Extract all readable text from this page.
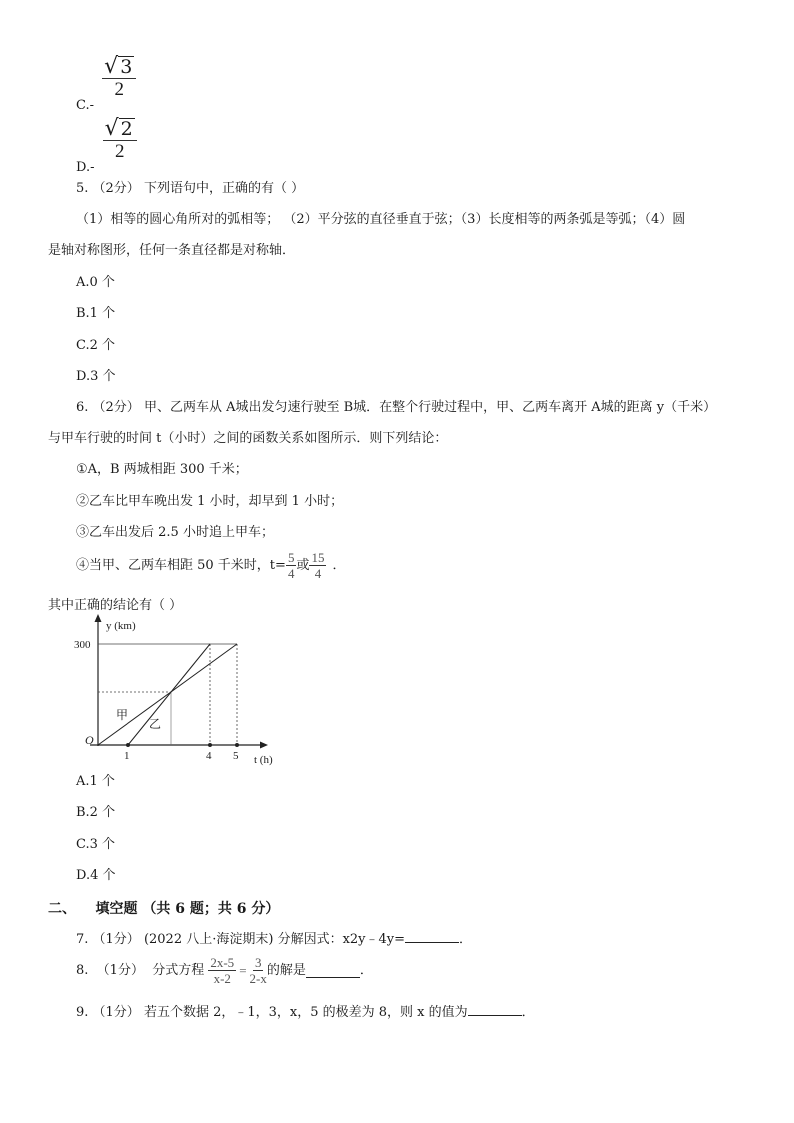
C.-
$\frac{√ 3}{2}$
D.-
$\frac{√ 2}{2}$
5. （2分） 下列语句中，正确的有（ ）
（1）相等的圆心角所对的弧相等； （2）平分弦的直径垂直于弦；（3）长度相等的两条弧是等弧；（4）圆
是轴对称图形，任何一条直径都是对称轴．
A.0 个
B.1 个
C.2 个
D.3 个
6. （2分） 甲、乙两车从 A城出发匀速行驶至 B城．在整个行驶过程中，甲、乙两车离开 A城的距离 y（千米）
与甲车行驶的时间 t（小时）之间的函数关系如图所示．则下列结论：
①A，B 两城相距 300 千米；
②乙车比甲车晚出发 1 小时，却早到 1 小时；
③乙车出发后 2.5 小时追上甲车；
④当甲、乙两车相距 50 千米时，$t= \frac{5}{4}$ 或 $\frac{15}{4}$ ．
其中正确的结论有（ ）
y (km)
t (h)
300
O
1	4 5
甲
乙
A.1 个
B.2 个
C.3 个
D.4 个
二、    填空题 （共 6 题；共 6 分）
7. （1分） (2022 八上·海淀期末) 分解因式：x2y﹣4y=	．
8.  （1分）  分式方程 $\frac{2x-5}{x-2} = \frac{3}{2-x}$ 的解是	．
9. （1分） 若五个数据 2，﹣1，3，x，5 的极差为 8，则 x 的值为	．
